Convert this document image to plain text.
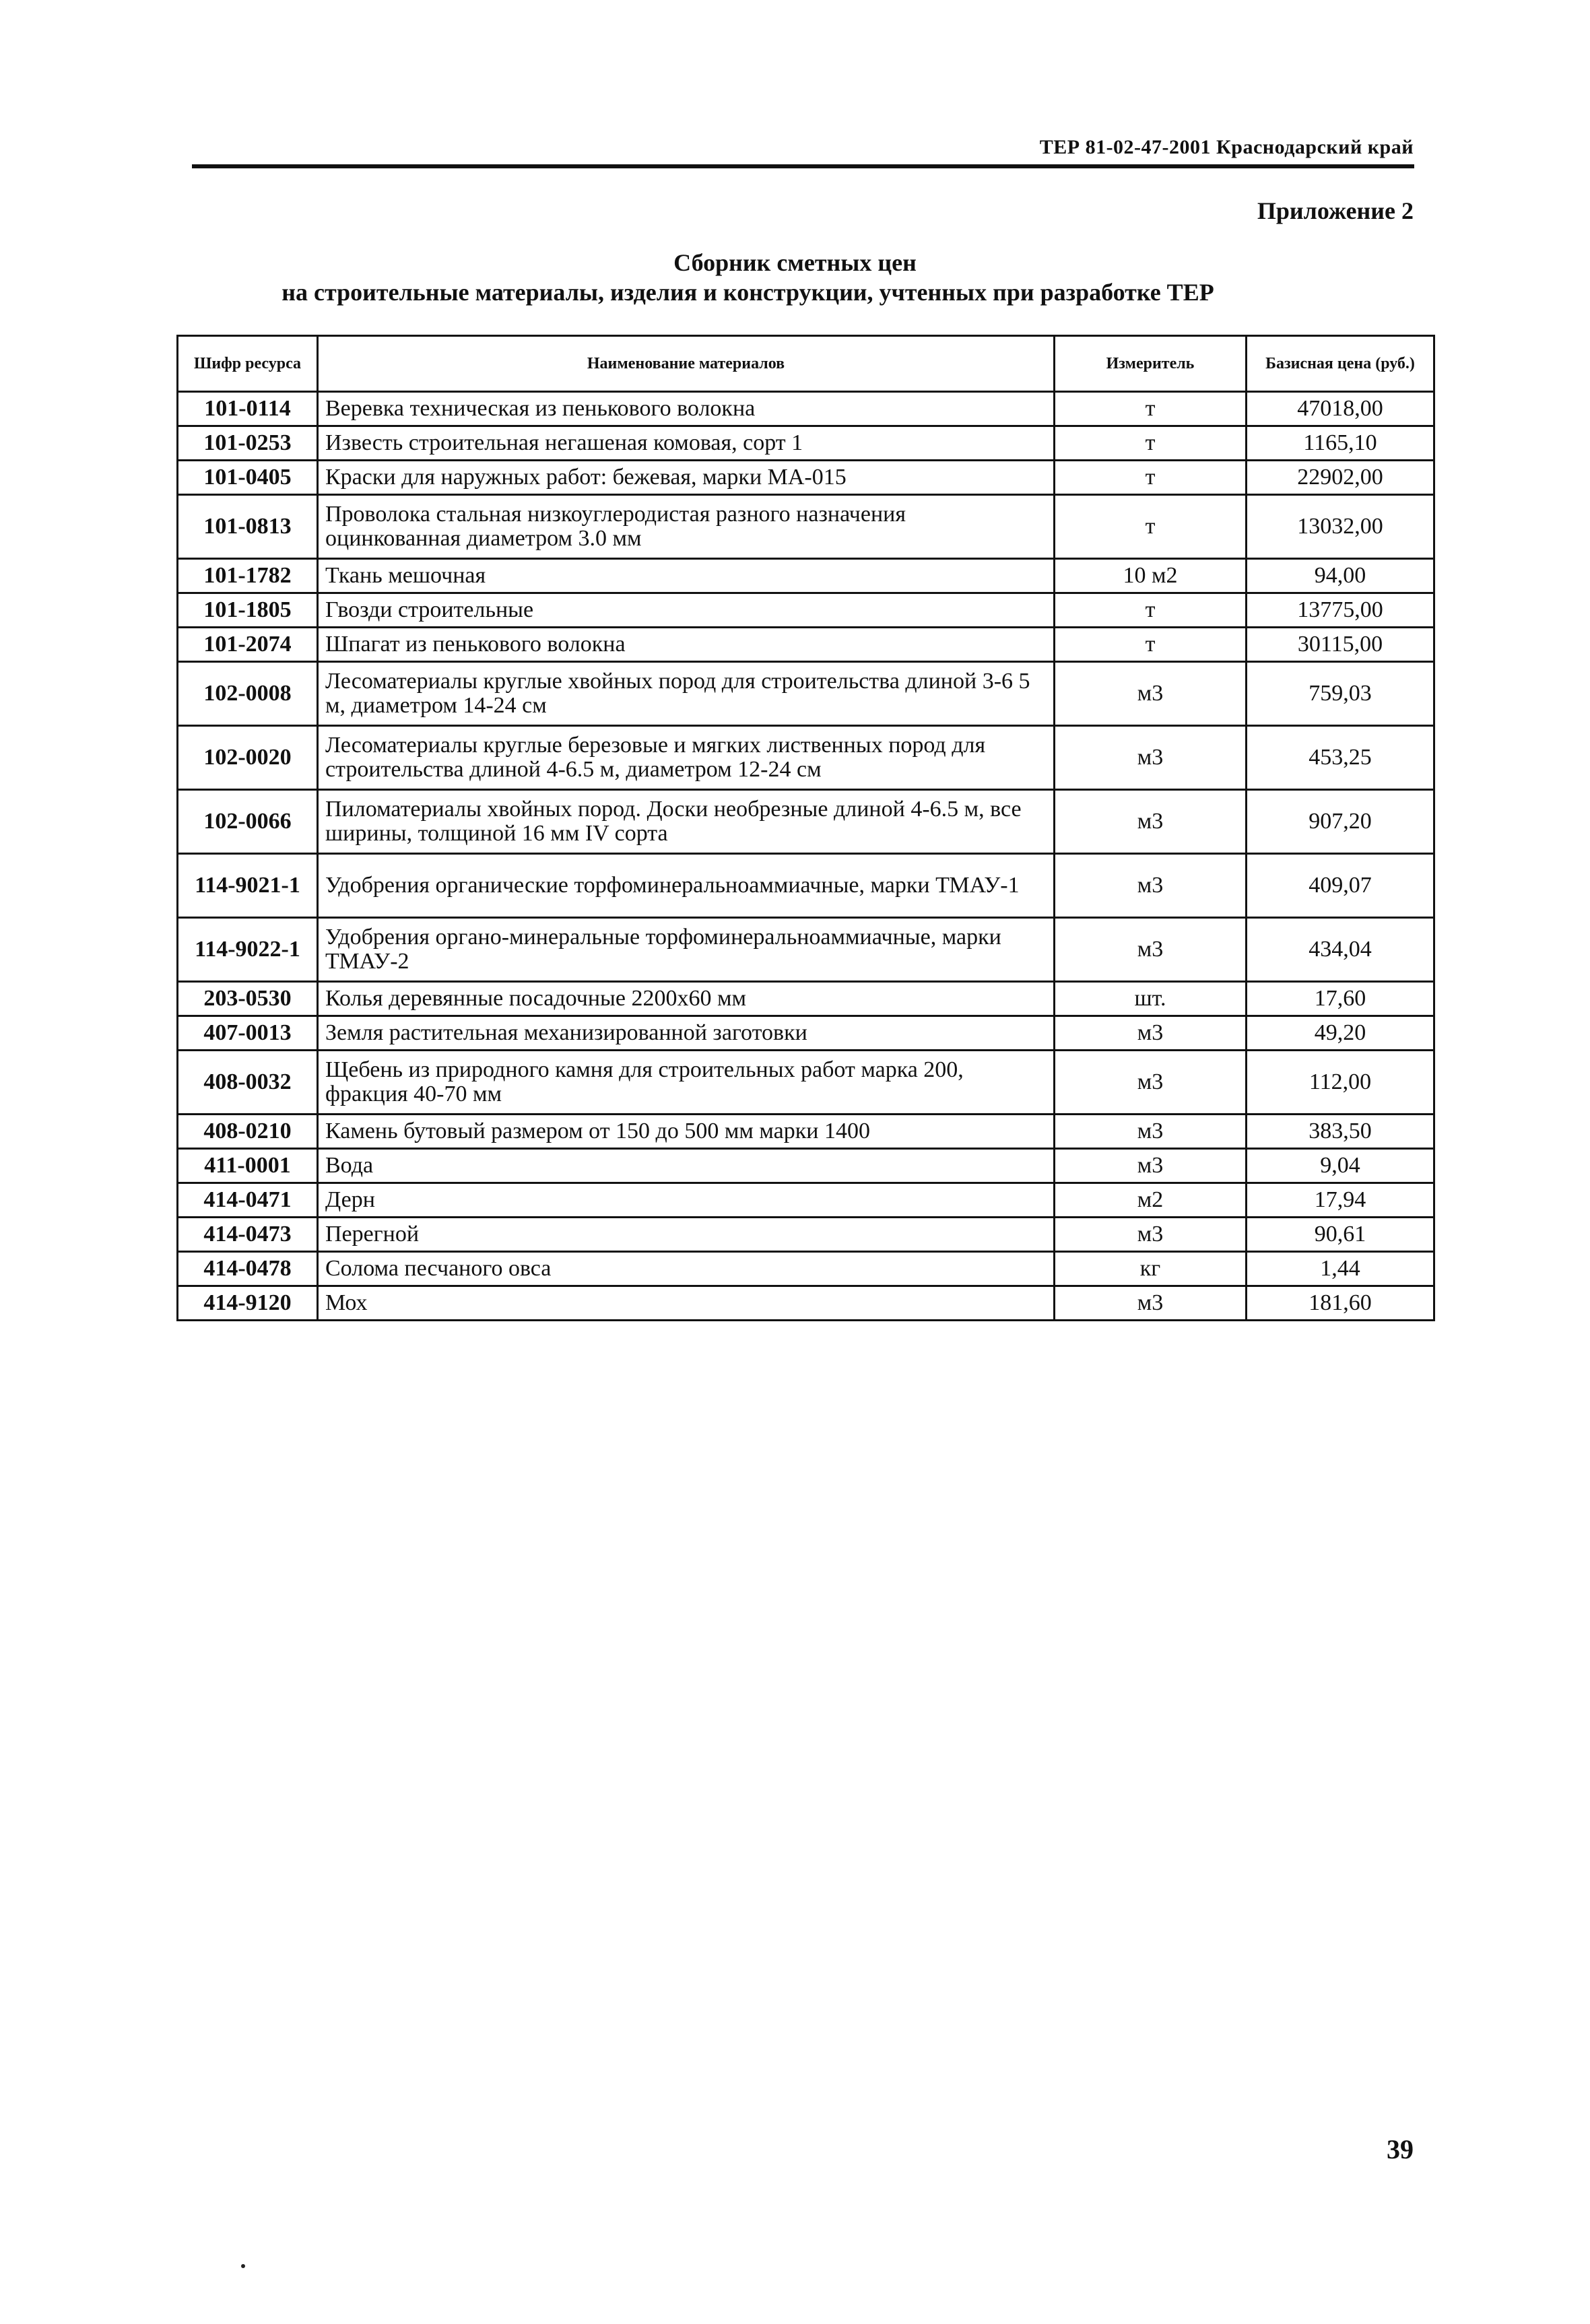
ТЕР 81-02-47-2001 Краснодарский край
Приложение 2
Сборник сметных цен
на строительные материалы, изделия и конструкции, учтенных при разработке ТЕР
Шифр ресурса	Наименование материалов	Измеритель	Базисная цена (руб.)
101-0114	Веревка техническая из пенькового волокна	т	47018,00
101-0253	Известь строительная негашеная комовая, сорт 1	т	1165,10
101-0405	Краски для наружных работ: бежевая, марки МА-015	т	22902,00
101-0813	Проволока стальная низкоуглеродистая разного назначения оцинкованная диаметром 3.0 мм	т	13032,00
101-1782	Ткань мешочная	10 м2	94,00
101-1805	Гвозди строительные	т	13775,00
101-2074	Шпагат из пенькового волокна	т	30115,00
102-0008	Лесоматериалы круглые хвойных пород для строительства длиной 3-6 5 м, диаметром 14-24 см	м3	759,03
102-0020	Лесоматериалы круглые березовые и мягких лиственных пород для строительства длиной 4-6.5 м, диаметром 12-24 см	м3	453,25
102-0066	Пиломатериалы хвойных пород. Доски необрезные длиной 4-6.5 м, все ширины, толщиной 16 мм IV сорта	м3	907,20
114-9021-1	Удобрения органические торфоминеральноаммиачные, марки ТМАУ-1	м3	409,07
114-9022-1	Удобрения органо-минеральные торфоминеральноаммиачные, марки ТМАУ-2	м3	434,04
203-0530	Колья деревянные посадочные 2200х60 мм	шт.	17,60
407-0013	Земля растительная механизированной заготовки	м3	49,20
408-0032	Щебень из природного камня для строительных работ марка 200, фракция 40-70 мм	м3	112,00
408-0210	Камень бутовый размером от 150 до 500 мм марки 1400	м3	383,50
411-0001	Вода	м3	9,04
414-0471	Дерн	м2	17,94
414-0473	Перегной	м3	90,61
414-0478	Солома песчаного овса	кг	1,44
414-9120	Мох	м3	181,60
39
